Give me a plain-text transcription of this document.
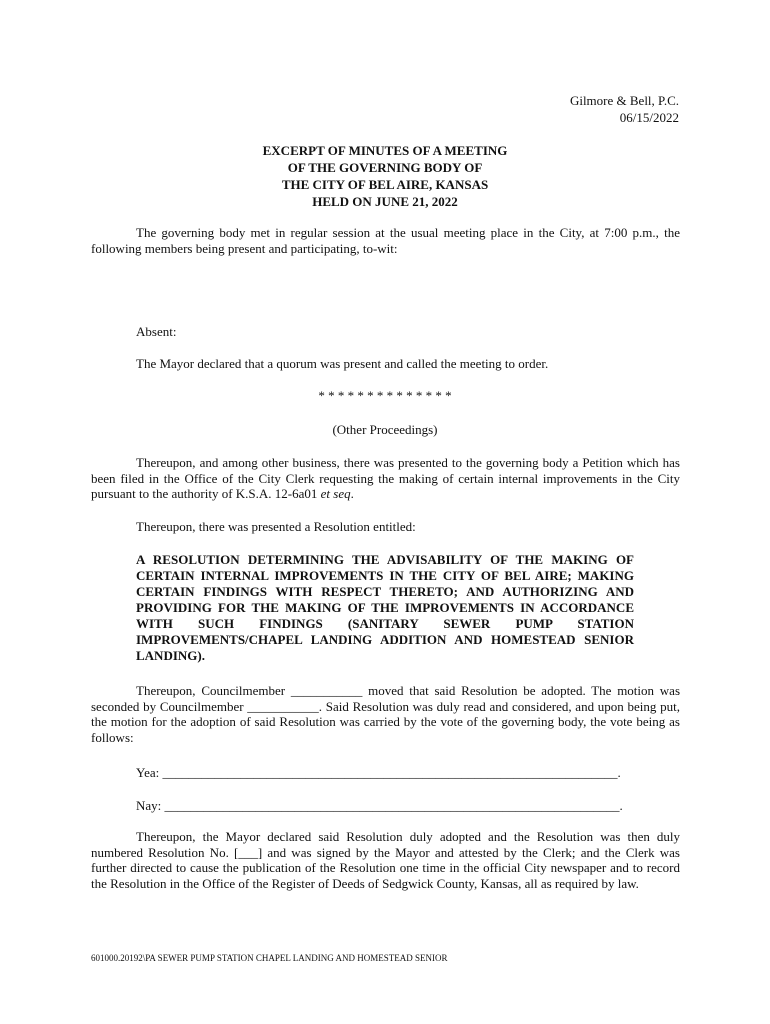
Gilmore & Bell, P.C.
06/15/2022
EXCERPT OF MINUTES OF A MEETING
OF THE GOVERNING BODY OF
THE CITY OF BEL AIRE, KANSAS
HELD ON JUNE 21, 2022

The governing body met in regular session at the usual meeting place in the City, at 7:00 p.m., the following members being present and participating, to-wit:

Absent:

The Mayor declared that a quorum was present and called the meeting to order.

* * * * * * * * * * * * * *

(Other Proceedings)

Thereupon, and among other business, there was presented to the governing body a Petition which has been filed in the Office of the City Clerk requesting the making of certain internal improvements in the City pursuant to the authority of K.S.A. 12-6a01 et seq.

Thereupon, there was presented a Resolution entitled:

A RESOLUTION DETERMINING THE ADVISABILITY OF THE MAKING OF CERTAIN INTERNAL IMPROVEMENTS IN THE CITY OF BEL AIRE; MAKING CERTAIN FINDINGS WITH RESPECT THERETO; AND AUTHORIZING AND PROVIDING FOR THE MAKING OF THE IMPROVEMENTS IN ACCORDANCE WITH SUCH FINDINGS (SANITARY SEWER PUMP STATION IMPROVEMENTS/CHAPEL LANDING ADDITION AND HOMESTEAD SENIOR LANDING).

Thereupon, Councilmember ___________ moved that said Resolution be adopted. The motion was seconded by Councilmember ___________. Said Resolution was duly read and considered, and upon being put, the motion for the adoption of said Resolution was carried by the vote of the governing body, the vote being as follows:

Yea: ______________________________________________________________________.

Nay: ______________________________________________________________________.

Thereupon, the Mayor declared said Resolution duly adopted and the Resolution was then duly numbered Resolution No. [___] and was signed by the Mayor and attested by the Clerk; and the Clerk was further directed to cause the publication of the Resolution one time in the official City newspaper and to record the Resolution in the Office of the Register of Deeds of Sedgwick County, Kansas, all as required by law.

601000.20192\PA SEWER PUMP STATION CHAPEL LANDING AND HOMESTEAD SENIOR
